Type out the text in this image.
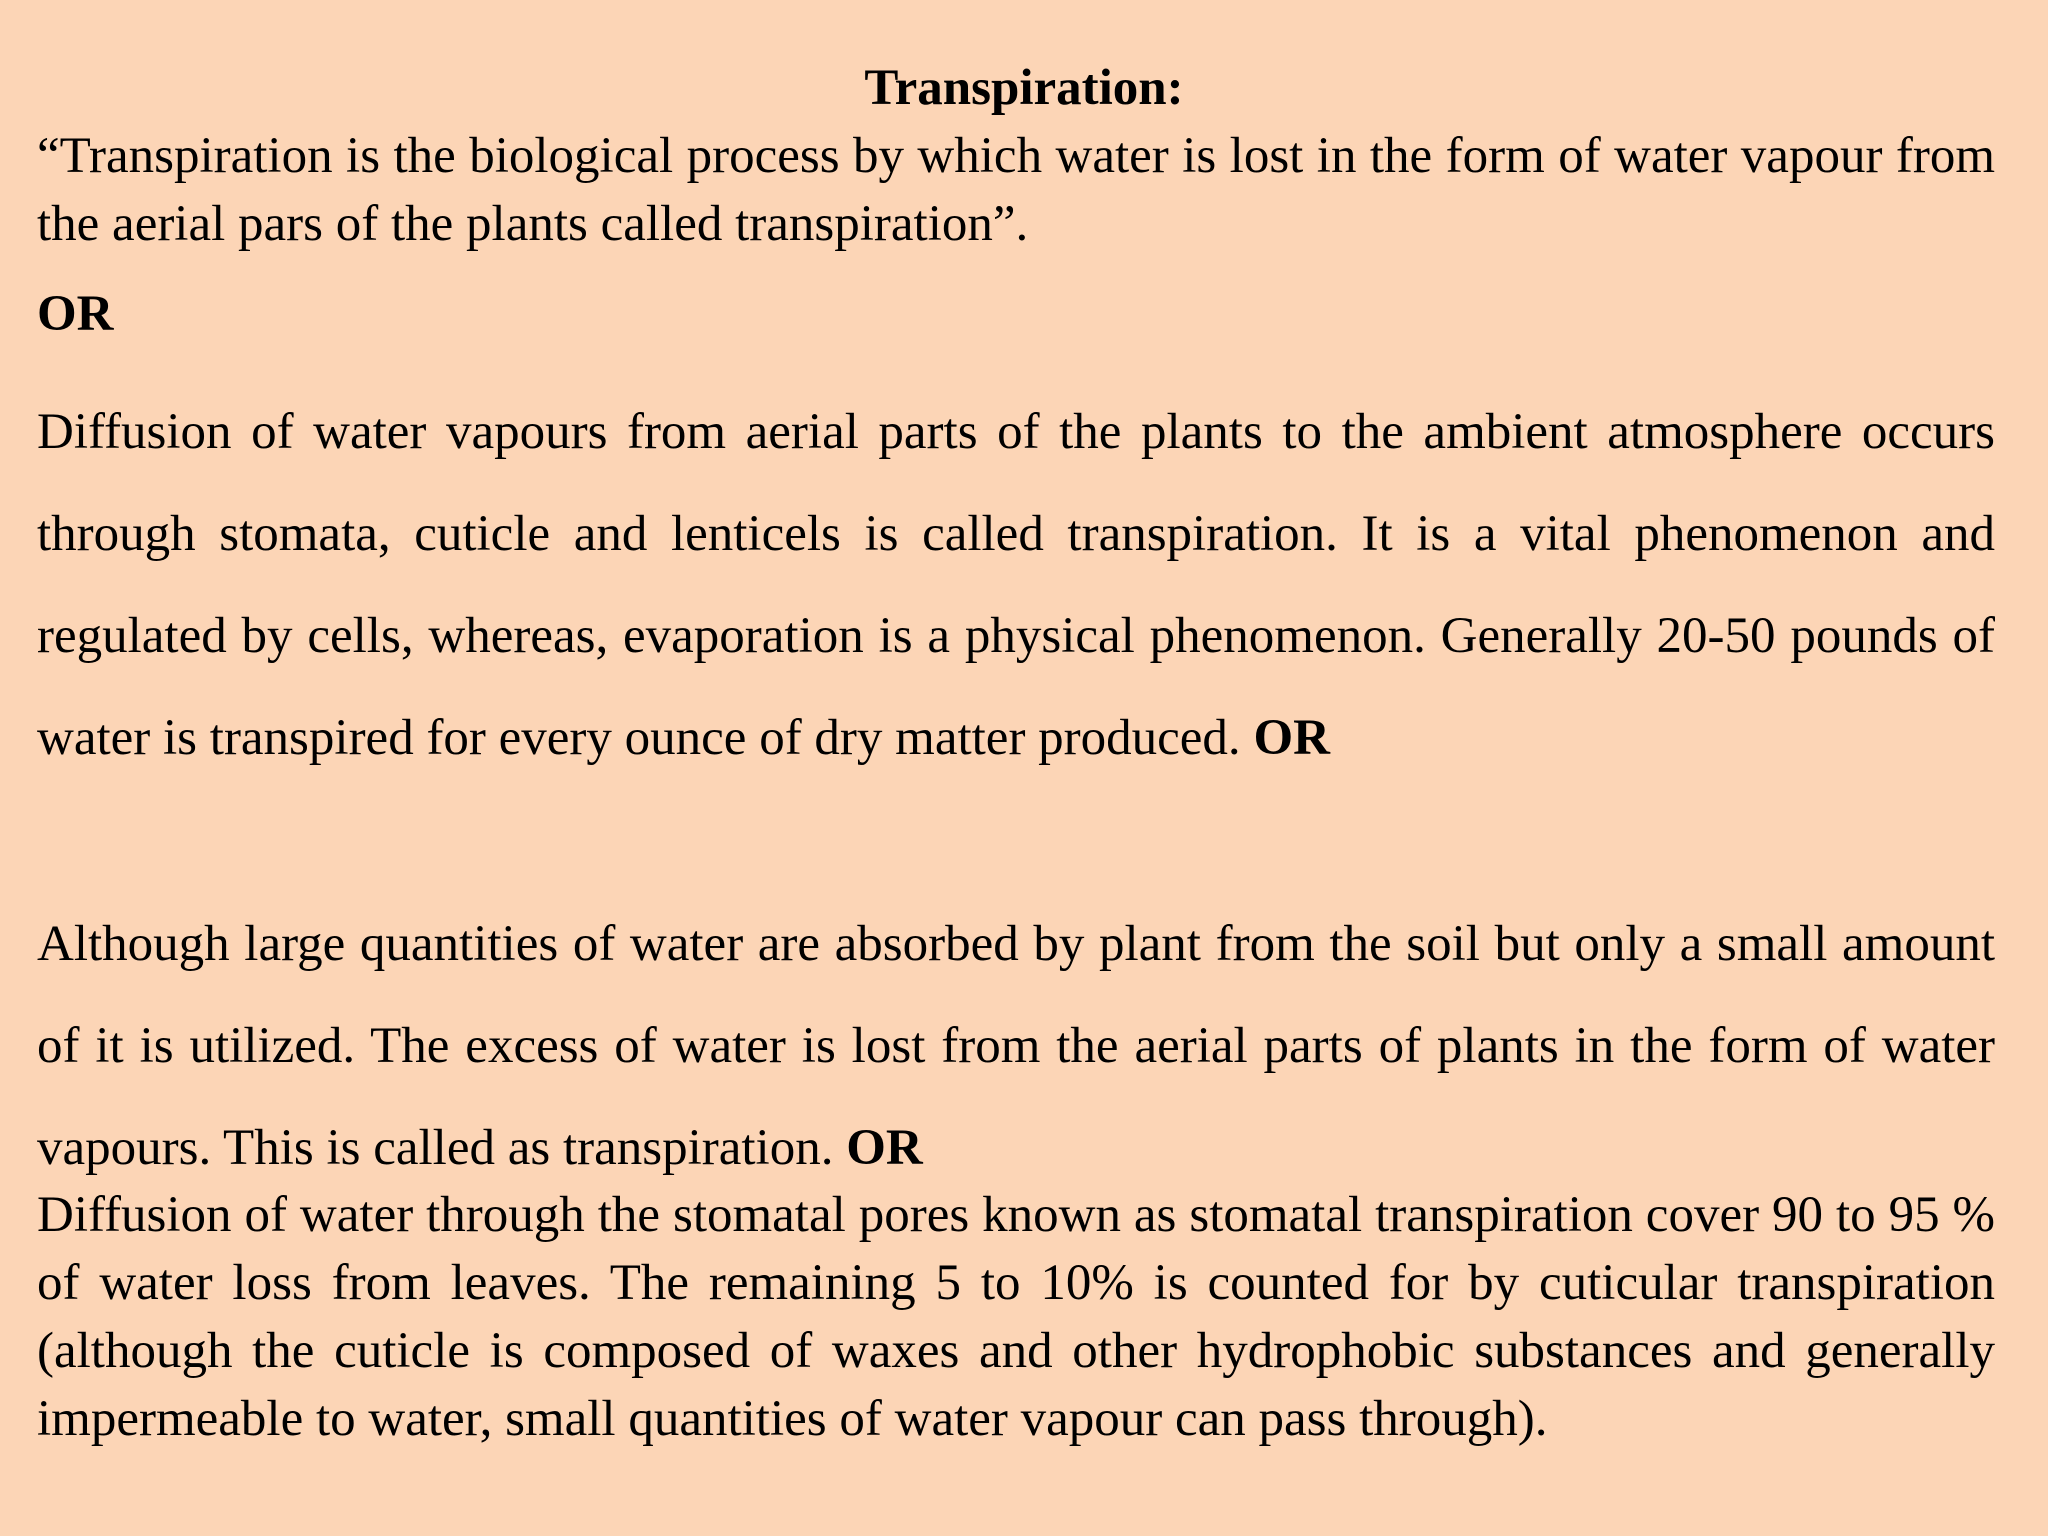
Transpiration:
“Transpiration is the biological process by which water is lost in the form of water vapour from the aerial pars of the plants called transpiration”.
OR
Diffusion of water vapours from aerial parts of the plants to the ambient atmosphere occurs through stomata, cuticle and lenticels is called transpiration. It is a vital phenomenon and regulated by cells, whereas, evaporation is a physical phenomenon. Generally 20-50 pounds of water is transpired for every ounce of dry matter produced. OR
Although large quantities of water are absorbed by plant from the soil but only a small amount of it is utilized. The excess of water is lost from the aerial parts of plants in the form of water vapours. This is called as transpiration. OR
Diffusion of water through the stomatal pores known as stomatal transpiration cover 90 to 95 % of water loss from leaves. The remaining 5 to 10% is counted for by cuticular transpiration (although the cuticle is composed of waxes and other hydrophobic substances and generally impermeable to water, small quantities of water vapour can pass through).
